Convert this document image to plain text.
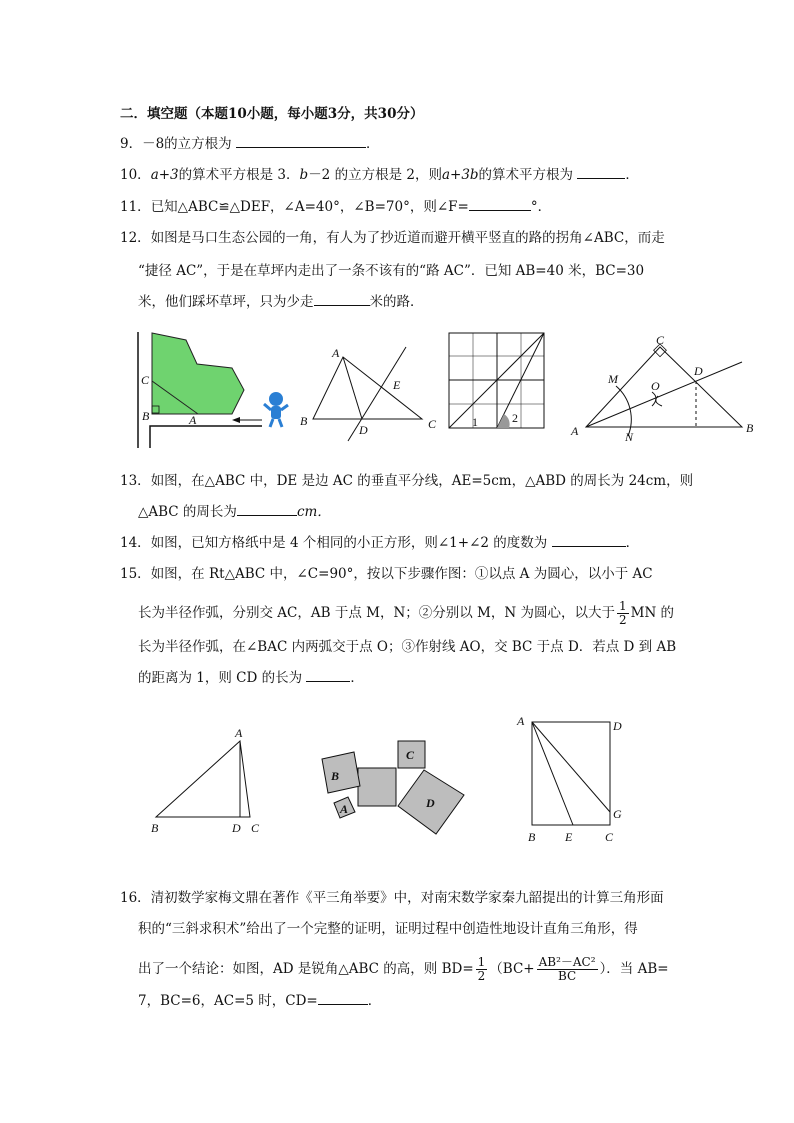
二．填空题（本题10小题，每小题3分，共30分）
9．－8的立方根为	．
10．a+3的算术平方根是 3．b－2 的立方根是 2，则a+3b的算术平方根为	．
11．已知△ABC≌△DEF，∠A=40°，∠B=70°，则∠F=	°．
12．如图是马口生态公园的一角，有人为了抄近道而避开横平竖直的路的拐角∠ABC，而走
“捷径 AC”，于是在草坪内走出了一条不该有的“路 AC”．已知 AB=40 米，BC=30
米，他们踩坏草坪，只为少走	米的路．
C
B	A
A
E
B
D	C	1	2
C
M	O
D
A	N
B
13．如图，在△ABC 中，DE 是边 AC 的垂直平分线，AE=5cm，△ABD 的周长为 24cm，则
△ABC 的周长为	cm．
14．如图，已知方格纸中是 4 个相同的小正方形，则∠1+∠2 的度数为	．
15．如图，在 Rt△ABC 中，∠C=90°，按以下步骤作图：①以点 A 为圆心，以小于 AC
长为半径作弧，分别交 AC，AB 于点 M，N；②分别以 M，N 为圆心，以大于 $\frac{1}{2}$ MN 的
长为半径作弧，在∠BAC 内两弧交于点 O；③作射线 AO，交 BC 于点 D．若点 D 到 AB
的距离为 1，则 CD 的长为	．
A
B	D C
C
B
A	D
A	D
G
B E	C
16．清初数学家梅文鼎在著作《平三角举要》中，对南宋数学家秦九韶提出的计算三角形面
积的“三斜求积术”给出了一个完整的证明，证明过程中创造性地设计直角三角形，得
出了一个结论：如图，AD 是锐角△ABC 的高，则 $BD= \frac{1}{2} (BC+ \frac{\text{AB²－AC²}}{BC}$ ）．当 AB=
7，BC=6，AC=5 时，CD=	．
